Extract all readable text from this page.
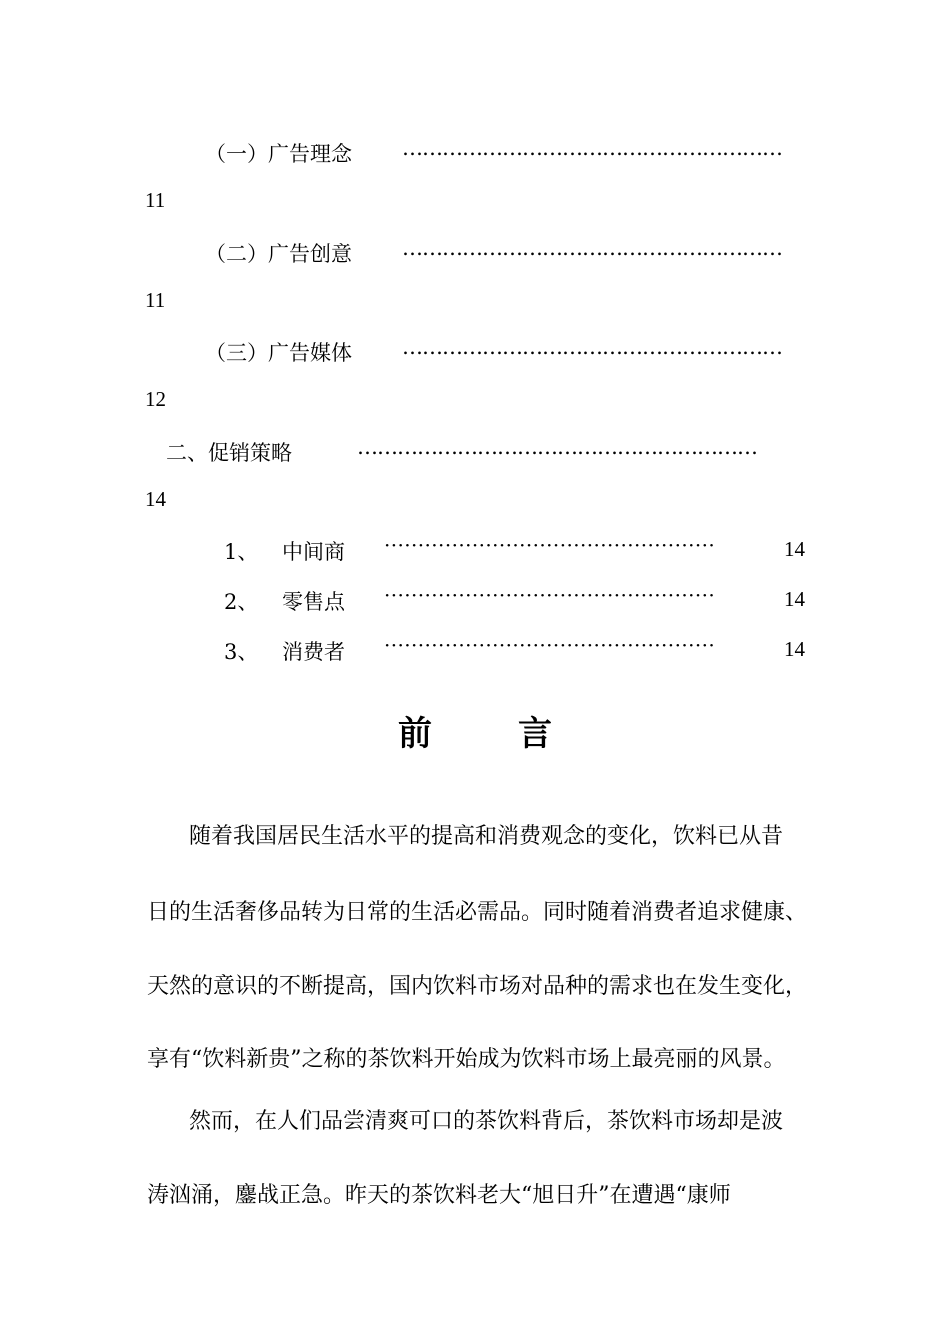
（一）广告理念 …………………………………………………
11
（二）广告创意 …………………………………………………
11
（三）广告媒体 …………………………………………………
12
二、促销策略	……………………………………………………
14
1、 中间商 ·················································	14
2、 零售点 ·················································	14
3、 消费者 ·················································	14
前	言
随着我国居民生活水平的提高和消费观念的变化，饮料已从昔
日的生活奢侈品转为日常的生活必需品。同时随着消费者追求健康、
天然的意识的不断提高，国内饮料市场对品种的需求也在发生变化，
享有“饮料新贵”之称的茶饮料开始成为饮料市场上最亮丽的风景。
然而，在人们品尝清爽可口的茶饮料背后，茶饮料市场却是波
涛汹涌，鏖战正急。昨天的茶饮料老大“旭日升”在遭遇“康师
